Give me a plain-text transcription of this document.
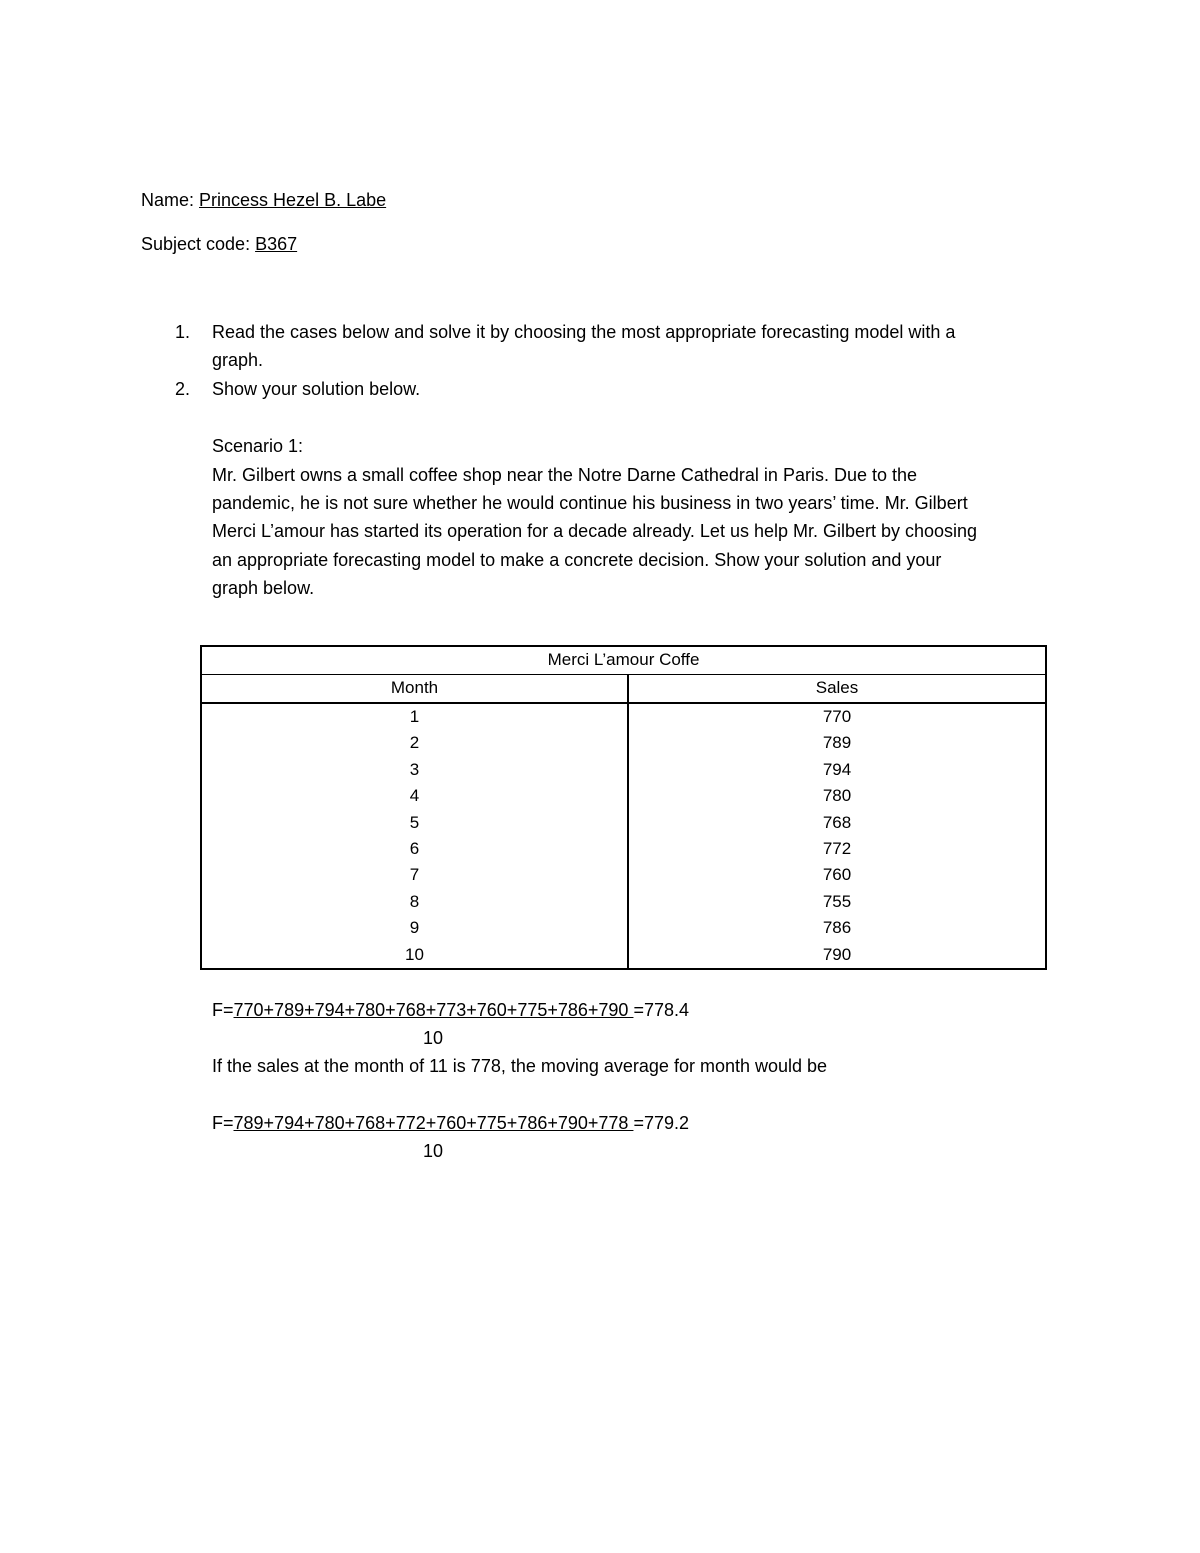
Name: Princess Hezel B. Labe
Subject code: B367
1. Read the cases below and solve it by choosing the most appropriate forecasting model with a
graph.
2. Show your solution below.
Scenario 1:
Mr. Gilbert owns a small coffee shop near the Notre Darne Cathedral in Paris. Due to the
pandemic, he is not sure whether he would continue his business in two years’ time. Mr. Gilbert
Merci L’amour has started its operation for a decade already. Let us help Mr. Gilbert by choosing
an appropriate forecasting model to make a concrete decision. Show your solution and your
graph below.
Merci L’amour Coffe	
Month	Sales
1	770
2	789
3	794
4	780
5	768
6	772
7	760
8	755
9	786
10	790
F=770+789+794+780+768+773+760+775+786+790 =778.4
10
If the sales at the month of 11 is 778, the moving average for month would be
F=789+794+780+768+772+760+775+786+790+778 =779.2
10
